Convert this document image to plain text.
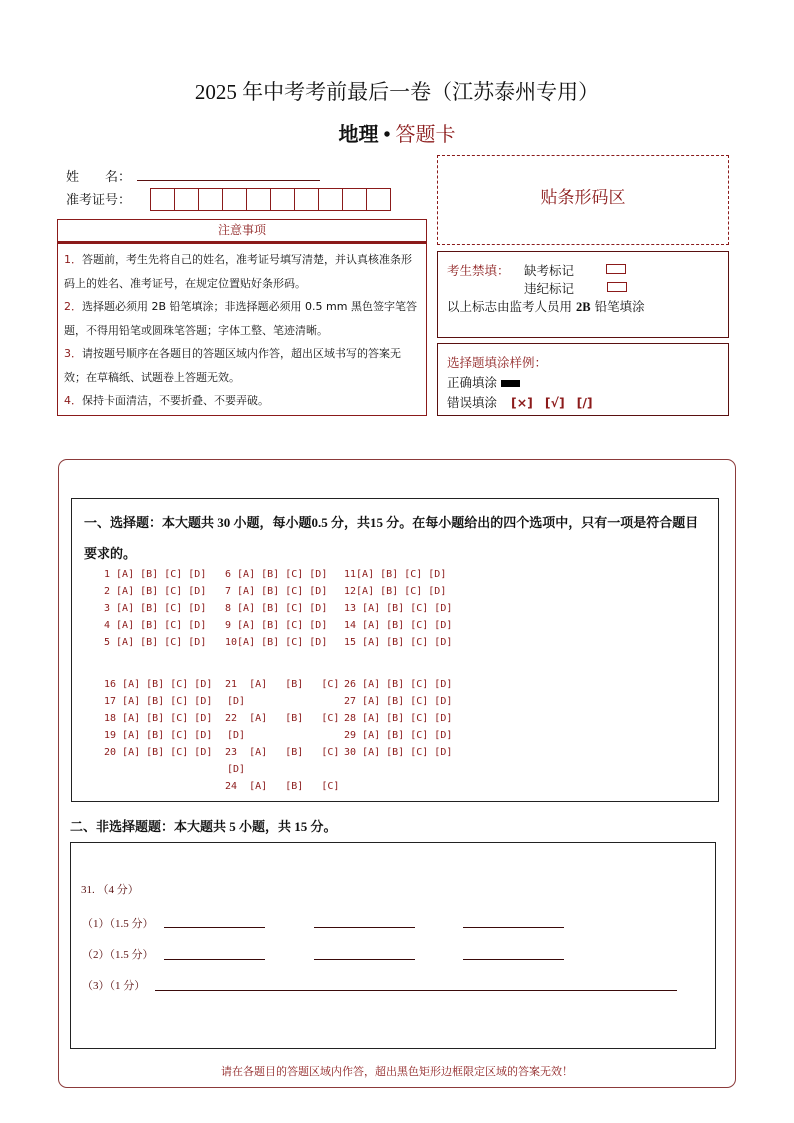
2025 年中考考前最后一卷（江苏泰州专用）
地理 • 答题卡
姓　　名：
准考证号：
注意事项

1．答题前，考生先将自己的姓名，准考证号填写清楚，并认真核准条形码上的姓名、准考证号，在规定位置贴好条形码。

2．选择题必须用 2B 铅笔填涂；非选择题必须用 0.5 mm 黑色签字笔答题，不得用铅笔或圆珠笔答题；字体工整、笔迹清晰。

3．请按题号顺序在各题目的答题区域内作答，超出区域书写的答案无效；在草稿纸、试题卷上答题无效。

4．保持卡面清洁，不要折叠、不要弄破。

贴条形码区
考生禁填： 缺考标记
违纪标记
以上标志由监考人员用 2B 铅笔填涂
选择题填涂样例：
正确填涂
错误填涂 [×] [√] [/]
一、选择题：本大题共 30 小题，每小题0.5 分，共15 分。在每小题给出的四个选项中，只有一项是符合题目要求的。
1 [A] [B] [C] [D]
2 [A] [B] [C] [D]
3 [A] [B] [C] [D]
4 [A] [B] [C] [D]
5 [A] [B] [C] [D]
6 [A] [B] [C] [D]
7 [A] [B] [C] [D]
8 [A] [B] [C] [D]
9 [A] [B] [C] [D]
10[A] [B] [C] [D]
11[A] [B] [C] [D]
12[A] [B] [C] [D]
13 [A] [B] [C] [D]
14 [A] [B] [C] [D]
15 [A] [B] [C] [D]
16 [A] [B] [C] [D]
17 [A] [B] [C] [D]
18 [A] [B] [C] [D]
19 [A] [B] [C] [D]
20 [A] [B] [C] [D]
21  [A]   [B]   [C]
[D]
22  [A]   [B]   [C]
[D]
23  [A]   [B]   [C]
[D]
24  [A]   [B]   [C]
26 [A] [B] [C] [D]
27 [A] [B] [C] [D]
28 [A] [B] [C] [D]
29 [A] [B] [C] [D]
30 [A] [B] [C] [D]
二、非选择题题：本大题共 5 小题，共 15 分。
31. （4 分）
（1）（1.5 分）
（2）（1.5 分）
（3）（1 分）
请在各题目的答题区域内作答，超出黑色矩形边框限定区域的答案无效！
